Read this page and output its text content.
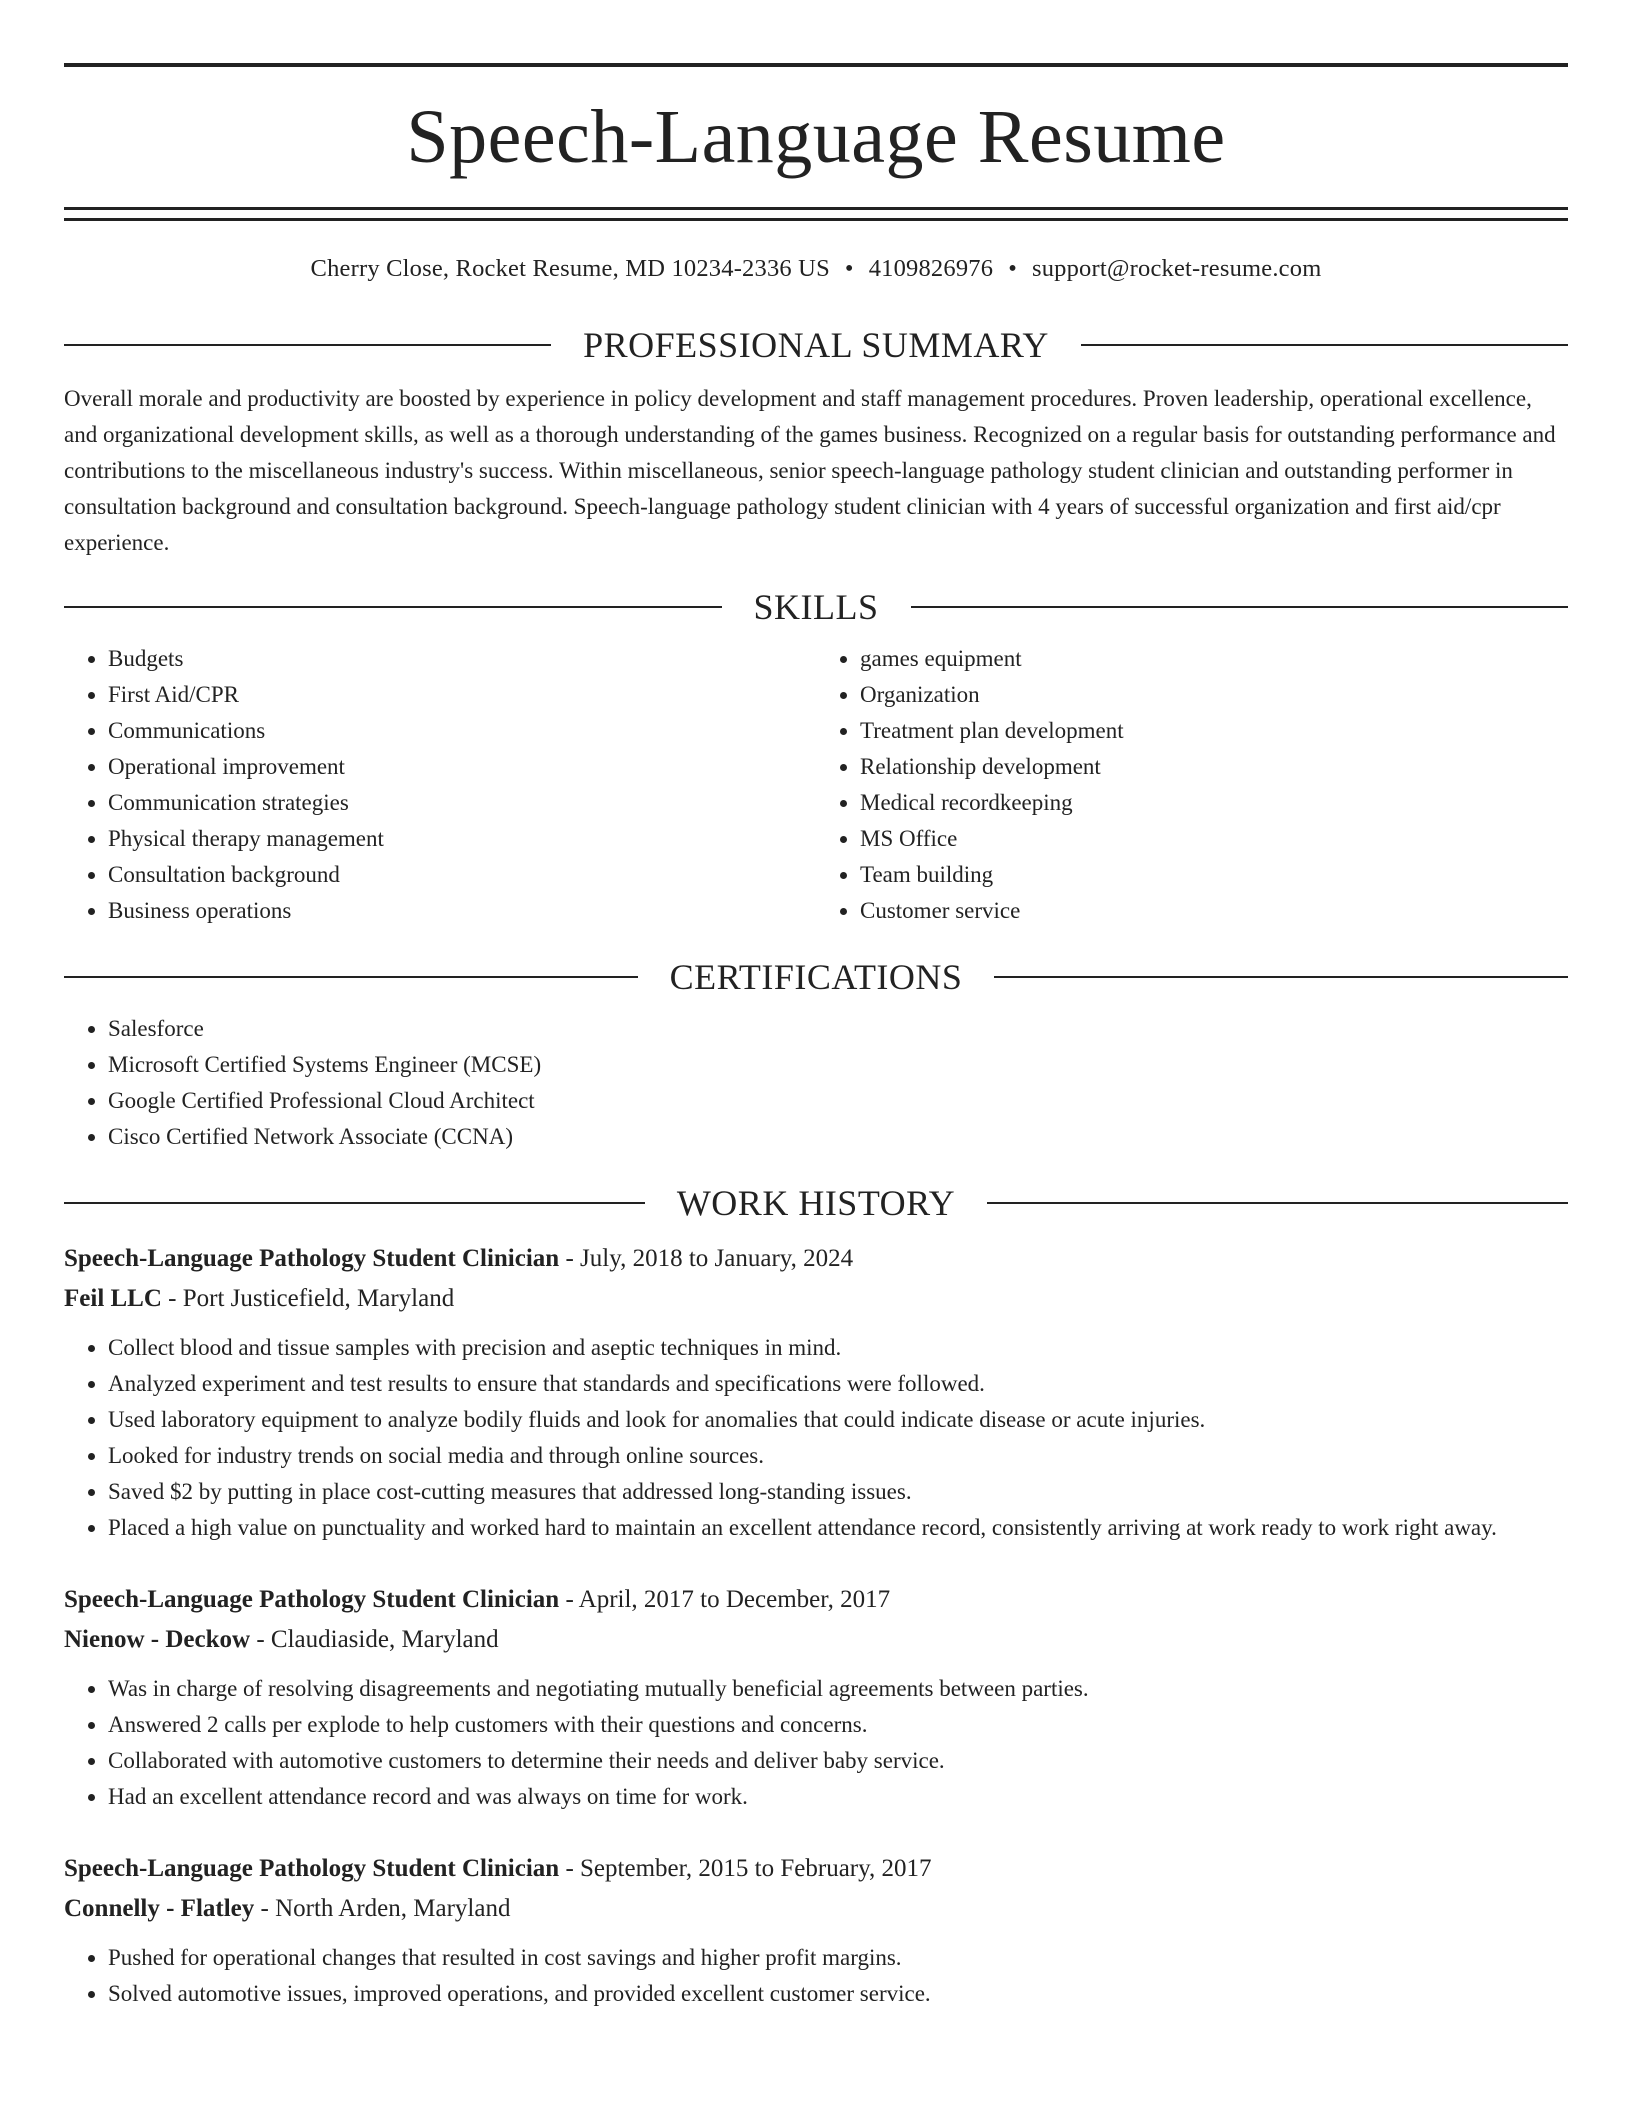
Speech-Language Resume
Cherry Close, Rocket Resume, MD 10234-2336 US • 4109826976 • support@rocket-resume.com
PROFESSIONAL SUMMARY

Overall morale and productivity are boosted by experience in policy development and staff management procedures. Proven leadership, operational excellence, and organizational development skills, as well as a thorough understanding of the games business. Recognized on a regular basis for outstanding performance and contributions to the miscellaneous industry's success. Within miscellaneous, senior speech-language pathology student clinician and outstanding performer in consultation background and consultation background. Speech-language pathology student clinician with 4 years of successful organization and first aid/cpr experience.

SKILLS
• Budgets
• First Aid/CPR
• Communications
• Operational improvement
• Communication strategies
• Physical therapy management
• Consultation background
• Business operations
• games equipment
• Organization
• Treatment plan development
• Relationship development
• Medical recordkeeping
• MS Office
• Team building
• Customer service
CERTIFICATIONS
• Salesforce
• Microsoft Certified Systems Engineer (MCSE)
• Google Certified Professional Cloud Architect
• Cisco Certified Network Associate (CCNA)
WORK HISTORY
Speech-Language Pathology Student Clinician - July, 2018 to January, 2024
Feil LLC - Port Justicefield, Maryland
• Collect blood and tissue samples with precision and aseptic techniques in mind.
• Analyzed experiment and test results to ensure that standards and specifications were followed.
• Used laboratory equipment to analyze bodily fluids and look for anomalies that could indicate disease or acute injuries.
• Looked for industry trends on social media and through online sources.
• Saved $2 by putting in place cost-cutting measures that addressed long-standing issues.
• Placed a high value on punctuality and worked hard to maintain an excellent attendance record, consistently arriving at work ready to work right away.
Speech-Language Pathology Student Clinician - April, 2017 to December, 2017
Nienow - Deckow - Claudiaside, Maryland
• Was in charge of resolving disagreements and negotiating mutually beneficial agreements between parties.
• Answered 2 calls per explode to help customers with their questions and concerns.
• Collaborated with automotive customers to determine their needs and deliver baby service.
• Had an excellent attendance record and was always on time for work.
Speech-Language Pathology Student Clinician - September, 2015 to February, 2017
Connelly - Flatley - North Arden, Maryland
• Pushed for operational changes that resulted in cost savings and higher profit margins.
• Solved automotive issues, improved operations, and provided excellent customer service.
